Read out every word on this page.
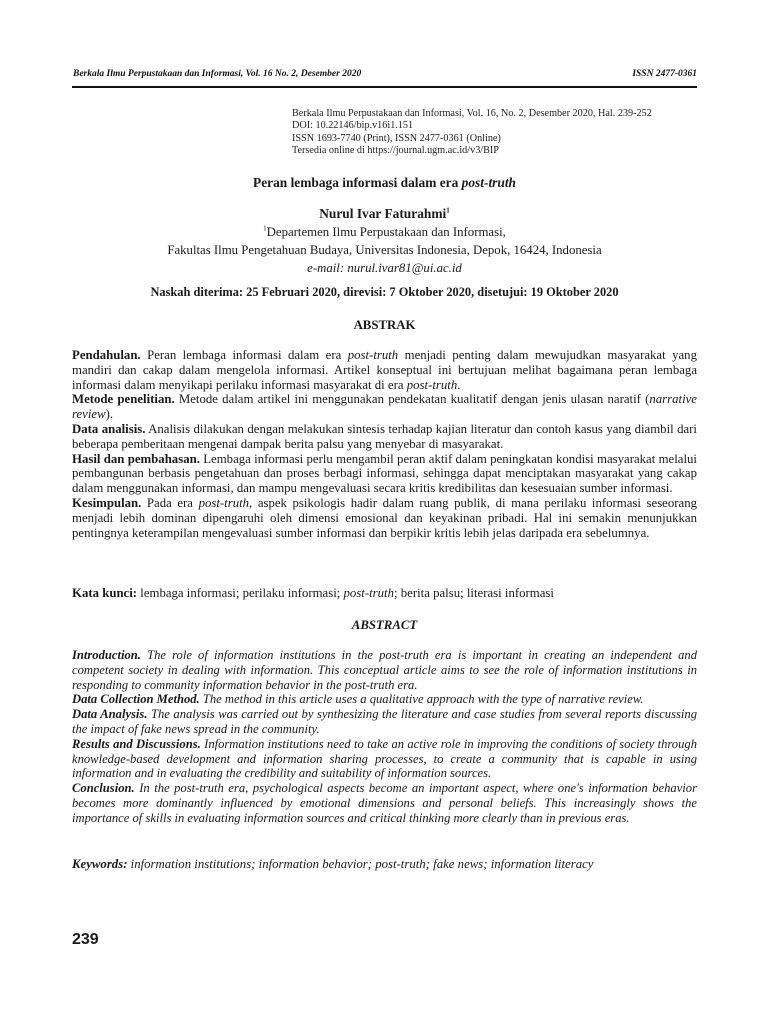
Berkala Ilmu Perpustakaan dan Informasi, Vol. 16 No. 2, Desember 2020	ISSN 2477-0361
Berkala Ilmu Perpustakaan dan Informasi, Vol. 16, No. 2, Desember 2020, Hal. 239-252
DOI: 10.22146/bip.v16i1.151
ISSN 1693-7740 (Print), ISSN 2477-0361 (Online)
Tersedia online di https://journal.ugm.ac.id/v3/BIP
Peran lembaga informasi dalam era post-truth
Nurul Ivar Faturahmi$^1$
$^1$Departemen Ilmu Perpustakaan dan Informasi,
Fakultas Ilmu Pengetahuan Budaya, Universitas Indonesia, Depok, 16424, Indonesia
e-mail: nurul.ivar81@ui.ac.id
Naskah diterima: 25 Februari 2020, direvisi: 7 Oktober 2020, disetujui: 19 Oktober 2020
ABSTRAK

Pendahulan. Peran lembaga informasi dalam era post-truth menjadi penting dalam mewujudkan masyarakat yang mandiri dan cakap dalam mengelola informasi. Artikel konseptual ini bertujuan melihat bagaimana peran lembaga informasi dalam menyikapi perilaku informasi masyarakat di era post-truth.

Metode penelitian. Metode dalam artikel ini menggunakan pendekatan kualitatif dengan jenis ulasan naratif (narrative review).

Data analisis. Analisis dilakukan dengan melakukan sintesis terhadap kajian literatur dan contoh kasus yang diambil dari beberapa pemberitaan mengenai dampak berita palsu yang menyebar di masyarakat.

Hasil dan pembahasan. Lembaga informasi perlu mengambil peran aktif dalam peningkatan kondisi masyarakat melalui pembangunan berbasis pengetahuan dan proses berbagi informasi, sehingga dapat menciptakan masyarakat yang cakap dalam menggunakan informasi, dan mampu mengevaluasi secara kritis kredibilitas dan kesesuaian sumber informasi.

Kesimpulan. Pada era post-truth, aspek psikologis hadir dalam ruang publik, di mana perilaku informasi seseorang menjadi lebih dominan dipengaruhi oleh dimensi emosional dan keyakinan pribadi. Hal ini semakin menunjukkan pentingnya keterampilan mengevaluasi sumber informasi dan berpikir kritis lebih jelas daripada era sebelumnya.

Kata kunci: lembaga informasi; perilaku informasi; post-truth; berita palsu; literasi informasi
ABSTRACT

Introduction. The role of information institutions in the post-truth era is important in creating an independent and competent society in dealing with information. This conceptual article aims to see the role of information institutions in responding to community information behavior in the post-truth era.

Data Collection Method. The method in this article uses a qualitative approach with the type of narrative review.

Data Analysis. The analysis was carried out by synthesizing the literature and case studies from several reports discussing the impact of fake news spread in the community.

Results and Discussions. Information institutions need to take an active role in improving the conditions of society through knowledge-based development and information sharing processes, to create a community that is capable in using information and in evaluating the credibility and suitability of information sources.

Conclusion. In the post-truth era, psychological aspects become an important aspect, where one's information behavior becomes more dominantly influenced by emotional dimensions and personal beliefs. This increasingly shows the importance of skills in evaluating information sources and critical thinking more clearly than in previous eras.

Keywords: information institutions; information behavior; post-truth; fake news; information literacy
239
